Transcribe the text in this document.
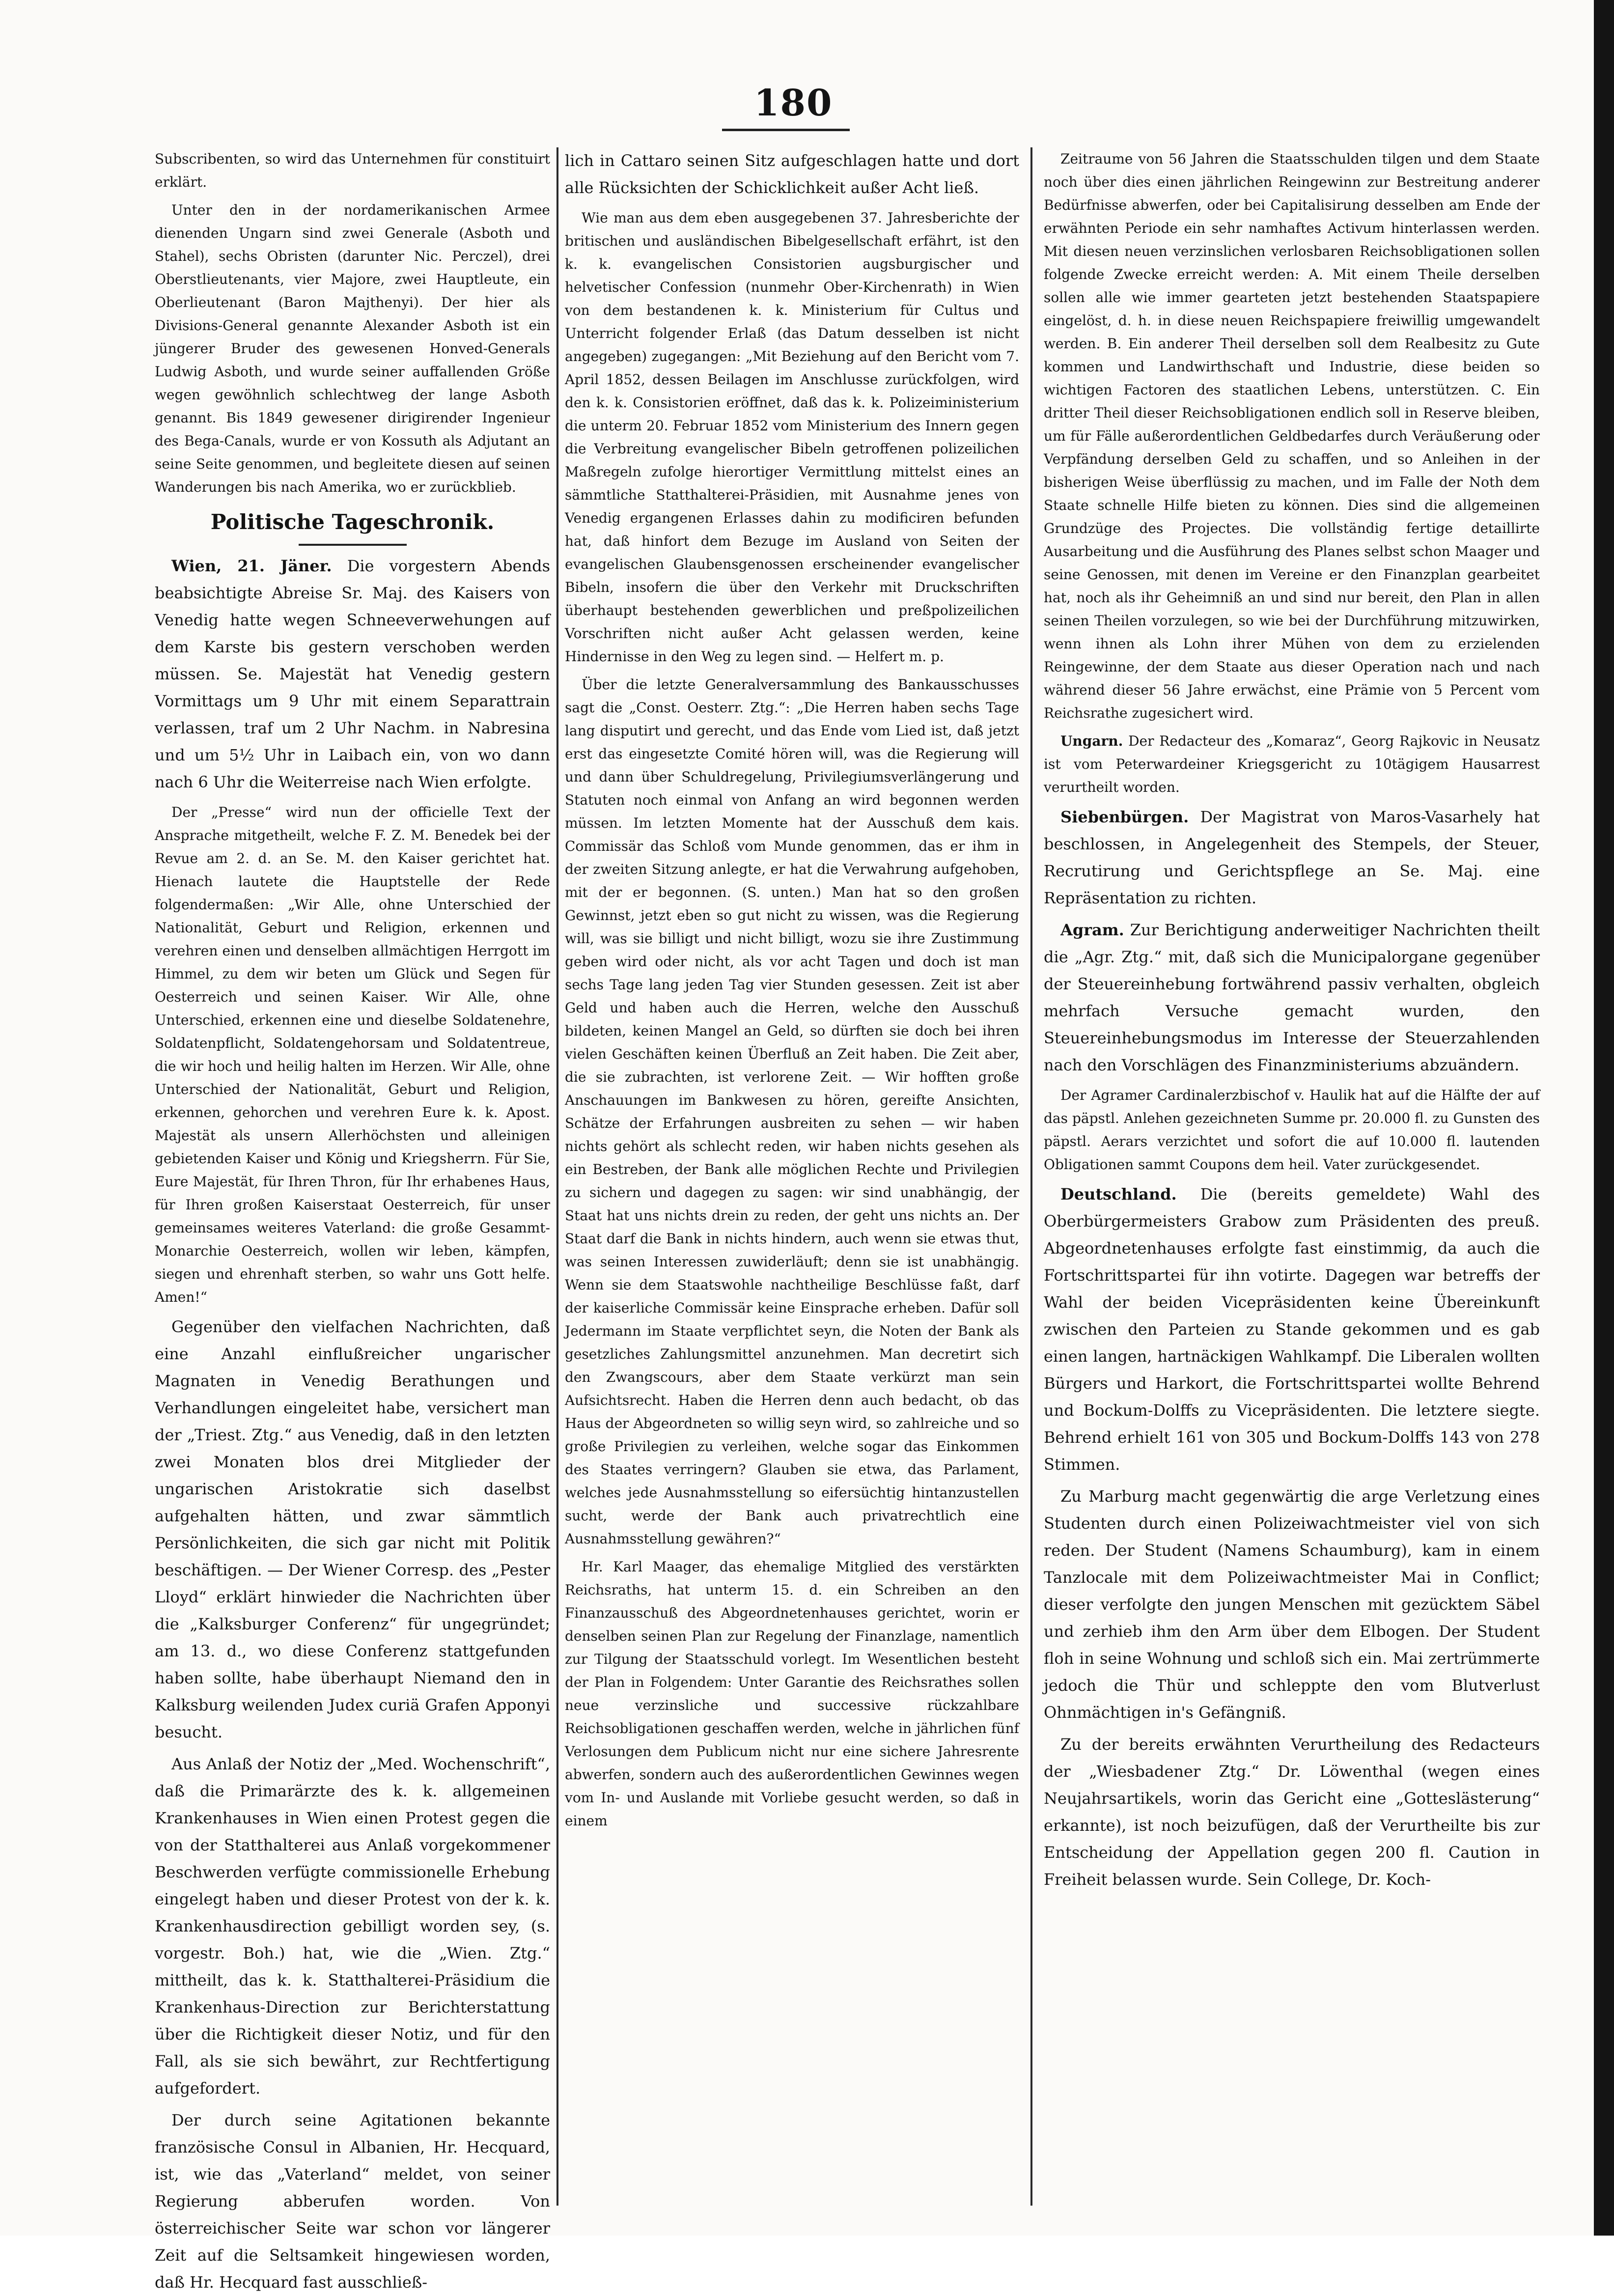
180

Subscribenten, so wird das Unternehmen für constituirt erklärt.

Unter den in der nordamerikanischen Armee dienenden Ungarn sind zwei Generale (Asboth und Stahel), sechs Obristen (darunter Nic. Perczel), drei Oberstlieutenants, vier Majore, zwei Hauptleute, ein Oberlieutenant (Baron Majthenyi). Der hier als Divisions-General genannte Alexander Asboth ist ein jüngerer Bruder des gewesenen Honved-Generals Ludwig Asboth, und wurde seiner auffallenden Größe wegen gewöhnlich schlechtweg der lange Asboth genannt. Bis 1849 gewesener dirigirender Ingenieur des Bega-Canals, wurde er von Kossuth als Adjutant an seine Seite genommen, und begleitete diesen auf seinen Wanderungen bis nach Amerika, wo er zurückblieb.

Politische Tageschronik.

Wien, 21. Jäner. Die vorgestern Abends beabsichtigte Abreise Sr. Maj. des Kaisers von Venedig hatte wegen Schneeverwehungen auf dem Karste bis gestern verschoben werden müssen. Se. Majestät hat Venedig gestern Vormittags um 9 Uhr mit einem Separattrain verlassen, traf um 2 Uhr Nachm. in Nabresina und um 5½ Uhr in Laibach ein, von wo dann nach 6 Uhr die Weiterreise nach Wien erfolgte.

Der „Presse“ wird nun der officielle Text der Ansprache mitgetheilt, welche F. Z. M. Benedek bei der Revue am 2. d. an Se. M. den Kaiser gerichtet hat. Hienach lautete die Hauptstelle der Rede folgendermaßen: „Wir Alle, ohne Unterschied der Nationalität, Geburt und Religion, erkennen und verehren einen und denselben allmächtigen Herrgott im Himmel, zu dem wir beten um Glück und Segen für Oesterreich und seinen Kaiser. Wir Alle, ohne Unterschied, erkennen eine und dieselbe Soldatenehre, Soldatenpflicht, Soldatengehorsam und Soldatentreue, die wir hoch und heilig halten im Herzen. Wir Alle, ohne Unterschied der Nationalität, Geburt und Religion, erkennen, gehorchen und verehren Eure k. k. Apost. Majestät als unsern Allerhöchsten und alleinigen gebietenden Kaiser und König und Kriegsherrn. Für Sie, Eure Majestät, für Ihren Thron, für Ihr erhabenes Haus, für Ihren großen Kaiserstaat Oesterreich, für unser gemeinsames weiteres Vaterland: die große Gesammt-Monarchie Oesterreich, wollen wir leben, kämpfen, siegen und ehrenhaft sterben, so wahr uns Gott helfe. Amen!“

Gegenüber den vielfachen Nachrichten, daß eine Anzahl einflußreicher ungarischer Magnaten in Venedig Berathungen und Verhandlungen eingeleitet habe, versichert man der „Triest. Ztg.“ aus Venedig, daß in den letzten zwei Monaten blos drei Mitglieder der ungarischen Aristokratie sich daselbst aufgehalten hätten, und zwar sämmtlich Persönlichkeiten, die sich gar nicht mit Politik beschäftigen. — Der Wiener Corresp. des „Pester Lloyd“ erklärt hinwieder die Nachrichten über die „Kalksburger Conferenz“ für ungegründet; am 13. d., wo diese Conferenz stattgefunden haben sollte, habe überhaupt Niemand den in Kalksburg weilenden Judex curiä Grafen Apponyi besucht.

Aus Anlaß der Notiz der „Med. Wochenschrift“, daß die Primarärzte des k. k. allgemeinen Krankenhauses in Wien einen Protest gegen die von der Statthalterei aus Anlaß vorgekommener Beschwerden verfügte commissionelle Erhebung eingelegt haben und dieser Protest von der k. k. Krankenhausdirection gebilligt worden sey, (s. vorgestr. Boh.) hat, wie die „Wien. Ztg.“ mittheilt, das k. k. Statthalterei-Präsidium die Krankenhaus-Direction zur Berichterstattung über die Richtigkeit dieser Notiz, und für den Fall, als sie sich bewährt, zur Rechtfertigung aufgefordert.

Der durch seine Agitationen bekannte französische Consul in Albanien, Hr. Hecquard, ist, wie das „Vaterland“ meldet, von seiner Regierung abberufen worden. Von österreichischer Seite war schon vor längerer Zeit auf die Seltsamkeit hingewiesen worden, daß Hr. Hecquard fast ausschließ-

lich in Cattaro seinen Sitz aufgeschlagen hatte und dort alle Rücksichten der Schicklichkeit außer Acht ließ.

Wie man aus dem eben ausgegebenen 37. Jahresberichte der britischen und ausländischen Bibelgesellschaft erfährt, ist den k. k. evangelischen Consistorien augsburgischer und helvetischer Confession (nunmehr Ober-Kirchenrath) in Wien von dem bestandenen k. k. Ministerium für Cultus und Unterricht folgender Erlaß (das Datum desselben ist nicht angegeben) zugegangen: „Mit Beziehung auf den Bericht vom 7. April 1852, dessen Beilagen im Anschlusse zurückfolgen, wird den k. k. Consistorien eröffnet, daß das k. k. Polizeiministerium die unterm 20. Februar 1852 vom Ministerium des Innern gegen die Verbreitung evangelischer Bibeln getroffenen polizeilichen Maßregeln zufolge hierortiger Vermittlung mittelst eines an sämmtliche Statthalterei-Präsidien, mit Ausnahme jenes von Venedig ergangenen Erlasses dahin zu modificiren befunden hat, daß hinfort dem Bezuge im Ausland von Seiten der evangelischen Glaubensgenossen erscheinender evangelischer Bibeln, insofern die über den Verkehr mit Druckschriften überhaupt bestehenden gewerblichen und preßpolizeilichen Vorschriften nicht außer Acht gelassen werden, keine Hindernisse in den Weg zu legen sind. — Helfert m. p.

Über die letzte Generalversammlung des Bankausschusses sagt die „Const. Oesterr. Ztg.“: „Die Herren haben sechs Tage lang disputirt und gerecht, und das Ende vom Lied ist, daß jetzt erst das eingesetzte Comité hören will, was die Regierung will und dann über Schuldregelung, Privilegiumsverlängerung und Statuten noch einmal von Anfang an wird begonnen werden müssen. Im letzten Momente hat der Ausschuß dem kais. Commissär das Schloß vom Munde genommen, das er ihm in der zweiten Sitzung anlegte, er hat die Verwahrung aufgehoben, mit der er begonnen. (S. unten.) Man hat so den großen Gewinnst, jetzt eben so gut nicht zu wissen, was die Regierung will, was sie billigt und nicht billigt, wozu sie ihre Zustimmung geben wird oder nicht, als vor acht Tagen und doch ist man sechs Tage lang jeden Tag vier Stunden gesessen. Zeit ist aber Geld und haben auch die Herren, welche den Ausschuß bildeten, keinen Mangel an Geld, so dürften sie doch bei ihren vielen Geschäften keinen Überfluß an Zeit haben. Die Zeit aber, die sie zubrachten, ist verlorene Zeit. — Wir hofften große Anschauungen im Bankwesen zu hören, gereifte Ansichten, Schätze der Erfahrungen ausbreiten zu sehen — wir haben nichts gehört als schlecht reden, wir haben nichts gesehen als ein Bestreben, der Bank alle möglichen Rechte und Privilegien zu sichern und dagegen zu sagen: wir sind unabhängig, der Staat hat uns nichts drein zu reden, der geht uns nichts an. Der Staat darf die Bank in nichts hindern, auch wenn sie etwas thut, was seinen Interessen zuwiderläuft; denn sie ist unabhängig. Wenn sie dem Staatswohle nachtheilige Beschlüsse faßt, darf der kaiserliche Commissär keine Einsprache erheben. Dafür soll Jedermann im Staate verpflichtet seyn, die Noten der Bank als gesetzliches Zahlungsmittel anzunehmen. Man decretirt sich den Zwangscours, aber dem Staate verkürzt man sein Aufsichtsrecht. Haben die Herren denn auch bedacht, ob das Haus der Abgeordneten so willig seyn wird, so zahlreiche und so große Privilegien zu verleihen, welche sogar das Einkommen des Staates verringern? Glauben sie etwa, das Parlament, welches jede Ausnahmsstellung so eifersüchtig hintanzustellen sucht, werde der Bank auch privatrechtlich eine Ausnahmsstellung gewähren?“

Hr. Karl Maager, das ehemalige Mitglied des verstärkten Reichsraths, hat unterm 15. d. ein Schreiben an den Finanzausschuß des Abgeordnetenhauses gerichtet, worin er denselben seinen Plan zur Regelung der Finanzlage, namentlich zur Tilgung der Staatsschuld vorlegt. Im Wesentlichen besteht der Plan in Folgendem: Unter Garantie des Reichsrathes sollen neue verzinsliche und successive rückzahlbare Reichsobligationen geschaffen werden, welche in jährlichen fünf Verlosungen dem Publicum nicht nur eine sichere Jahresrente abwerfen, sondern auch des außerordentlichen Gewinnes wegen vom In- und Auslande mit Vorliebe gesucht werden, so daß in einem

Zeitraume von 56 Jahren die Staatsschulden tilgen und dem Staate noch über dies einen jährlichen Reingewinn zur Bestreitung anderer Bedürfnisse abwerfen, oder bei Capitalisirung desselben am Ende der erwähnten Periode ein sehr namhaftes Activum hinterlassen werden. Mit diesen neuen verzinslichen verlosbaren Reichsobligationen sollen folgende Zwecke erreicht werden: A. Mit einem Theile derselben sollen alle wie immer gearteten jetzt bestehenden Staatspapiere eingelöst, d. h. in diese neuen Reichspapiere freiwillig umgewandelt werden. B. Ein anderer Theil derselben soll dem Realbesitz zu Gute kommen und Landwirthschaft und Industrie, diese beiden so wichtigen Factoren des staatlichen Lebens, unterstützen. C. Ein dritter Theil dieser Reichsobligationen endlich soll in Reserve bleiben, um für Fälle außerordentlichen Geldbedarfes durch Veräußerung oder Verpfändung derselben Geld zu schaffen, und so Anleihen in der bisherigen Weise überflüssig zu machen, und im Falle der Noth dem Staate schnelle Hilfe bieten zu können. Dies sind die allgemeinen Grundzüge des Projectes. Die vollständig fertige detaillirte Ausarbeitung und die Ausführung des Planes selbst schon Maager und seine Genossen, mit denen im Vereine er den Finanzplan gearbeitet hat, noch als ihr Geheimniß an und sind nur bereit, den Plan in allen seinen Theilen vorzulegen, so wie bei der Durchführung mitzuwirken, wenn ihnen als Lohn ihrer Mühen von dem zu erzielenden Reingewinne, der dem Staate aus dieser Operation nach und nach während dieser 56 Jahre erwächst, eine Prämie von 5 Percent vom Reichsrathe zugesichert wird.

Ungarn. Der Redacteur des „Komaraz“, Georg Rajkovic in Neusatz ist vom Peterwardeiner Kriegsgericht zu 10tägigem Hausarrest verurtheilt worden.

Siebenbürgen. Der Magistrat von Maros-Vasarhely hat beschlossen, in Angelegenheit des Stempels, der Steuer, Recrutirung und Gerichtspflege an Se. Maj. eine Repräsentation zu richten.

Agram. Zur Berichtigung anderweitiger Nachrichten theilt die „Agr. Ztg.“ mit, daß sich die Municipalorgane gegenüber der Steuereinhebung fortwährend passiv verhalten, obgleich mehrfach Versuche gemacht wurden, den Steuereinhebungsmodus im Interesse der Steuerzahlenden nach den Vorschlägen des Finanzministeriums abzuändern.

Der Agramer Cardinalerzbischof v. Haulik hat auf die Hälfte der auf das päpstl. Anlehen gezeichneten Summe pr. 20.000 fl. zu Gunsten des päpstl. Aerars verzichtet und sofort die auf 10.000 fl. lautenden Obligationen sammt Coupons dem heil. Vater zurückgesendet.

Deutschland. Die (bereits gemeldete) Wahl des Oberbürgermeisters Grabow zum Präsidenten des preuß. Abgeordnetenhauses erfolgte fast einstimmig, da auch die Fortschrittspartei für ihn votirte. Dagegen war betreffs der Wahl der beiden Vicepräsidenten keine Übereinkunft zwischen den Parteien zu Stande gekommen und es gab einen langen, hartnäckigen Wahlkampf. Die Liberalen wollten Bürgers und Harkort, die Fortschrittspartei wollte Behrend und Bockum-Dolffs zu Vicepräsidenten. Die letztere siegte. Behrend erhielt 161 von 305 und Bockum-Dolffs 143 von 278 Stimmen.

Zu Marburg macht gegenwärtig die arge Verletzung eines Studenten durch einen Polizeiwachtmeister viel von sich reden. Der Student (Namens Schaumburg), kam in einem Tanzlocale mit dem Polizeiwachtmeister Mai in Conflict; dieser verfolgte den jungen Menschen mit gezücktem Säbel und zerhieb ihm den Arm über dem Elbogen. Der Student floh in seine Wohnung und schloß sich ein. Mai zertrümmerte jedoch die Thür und schleppte den vom Blutverlust Ohnmächtigen in's Gefängniß.

Zu der bereits erwähnten Verurtheilung des Redacteurs der „Wiesbadener Ztg.“ Dr. Löwenthal (wegen eines Neujahrsartikels, worin das Gericht eine „Gotteslästerung“ erkannte), ist noch beizufügen, daß der Verurtheilte bis zur Entscheidung der Appellation gegen 200 fl. Caution in Freiheit belassen wurde. Sein College, Dr. Koch-
